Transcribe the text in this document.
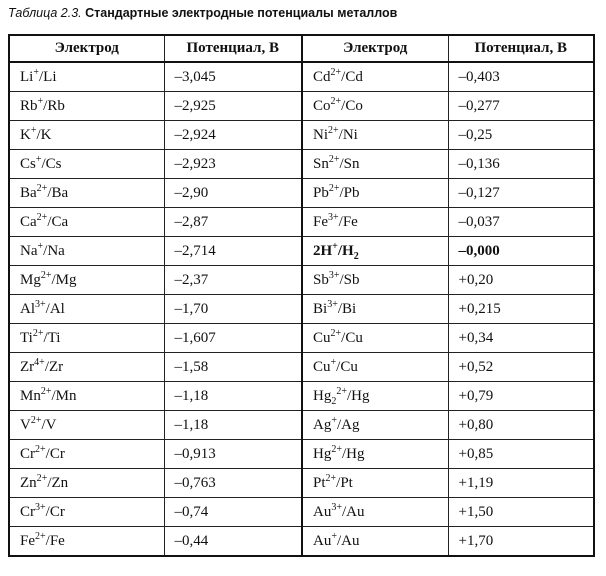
Таблица 2.3. Стандартные электродные потенциалы металлов
Электрод	Потенциал, В	Электрод	Потенциал, В
Li+/Li	–3,045	$Cd^{2+}/Cd$	–0,403
Rb+/Rb	–2,925	$Co^{2+}/Co$	–0,277
K+/K	–2,924	$Ni^{2+}/Ni$	–0,25
Cs+/Cs	–2,923	$Sn^{2+}/Sn$	–0,136
$Ba^{2+}/Ba$	–2,90	$Pb^{2+}/Pb$	–0,127
$Ca^{2+}/Ca$	–2,87	$Fe^{3+}/Fe$	–0,037
Na+/Na	–2,714	$2H^+/H_2$	–0,000
$Mg^{2+}/Mg$	–2,37	$Sb^{3+}/Sb$	+0,20
$Al^{3+}/Al$	–1,70	$Bi^{3+}/Bi$	+0,215
$Ti^{2+}/Ti$	–1,607	$Cu^{2+}/Cu$	+0,34
$Zr^{4+}/Zr$	–1,58	Cu+/Cu	+0,52
$Mn^{2+}/Mn$	–1,18	$Hg_2^{2+}/Hg$	+0,79
$V^{2+}/V$	–1,18	Ag+/Ag	+0,80
$Cr^{2+}/Cr$	–0,913	$Hg^{2+}/Hg$	+0,85
$Zn^{2+}/Zn$	–0,763	$Pt^{2+}/Pt$	+1,19
$Cr^{3+}/Cr$	–0,74	$Au^{3+}/Au$	+1,50
$Fe^{2+}/Fe$	–0,44	Au+/Au	+1,70
